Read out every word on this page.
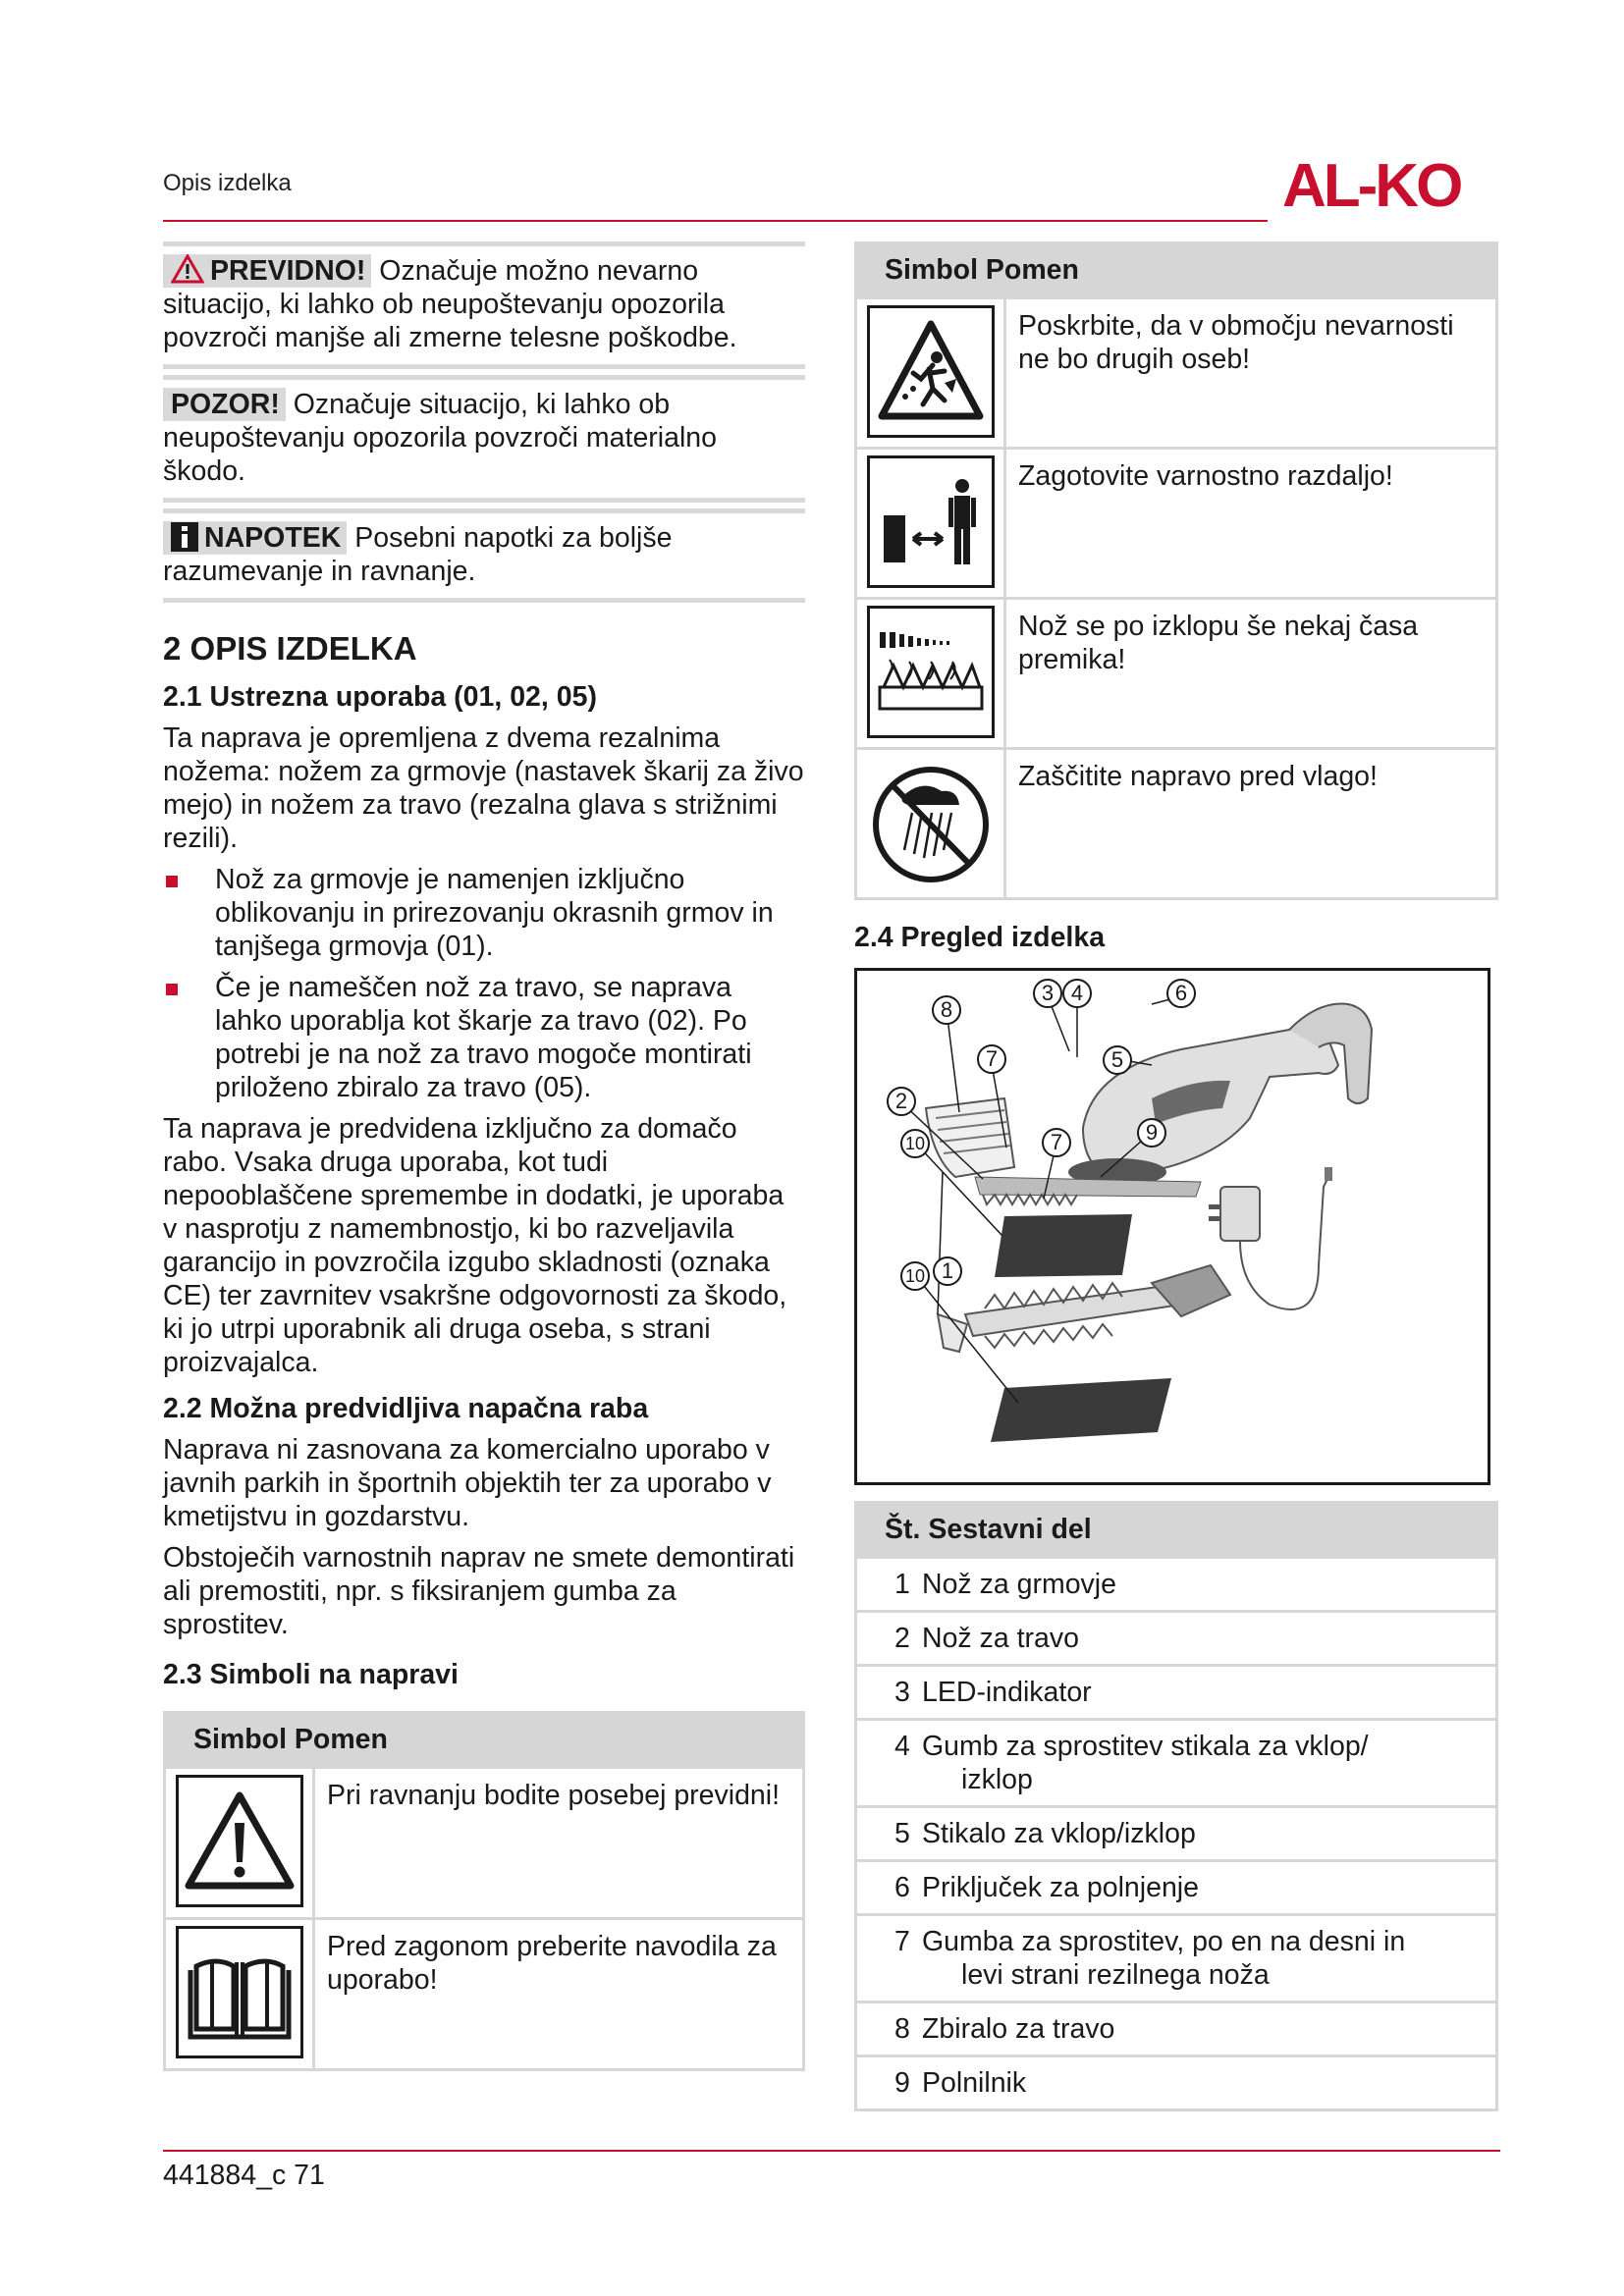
Opis izdelka	AL-KO
PREVIDNO! Označuje možno nevarno situacijo, ki lahko ob neupoštevanju opozorila povzroči manjše ali zmerne telesne poškodbe.
POZOR! Označuje situacijo, ki lahko ob neupoštevanju opozorila povzroči materialno škodo.
NAPOTEK Posebni napotki za boljše razumevanje in ravnanje.
2 OPIS IZDELKA
2.1 Ustrezna uporaba (01, 02, 05)
Ta naprava je opremljena z dvema rezalnima nožema: nožem za grmovje (nastavek škarij za živo mejo) in nožem za travo (rezalna glava s strižnimi rezili).
Nož za grmovje je namenjen izključno oblikovanju in prirezovanju okrasnih grmov in tanjšega grmovja (01).
Če je nameščen nož za travo, se naprava lahko uporablja kot škarje za travo (02). Po potrebi je na nož za travo mogoče montirati priloženo zbiralo za travo (05).
Ta naprava je predvidena izključno za domačo rabo. Vsaka druga uporaba, kot tudi nepooblaščene spremembe in dodatki, je uporaba v nasprotju z namembnostjo, ki bo razveljavila garancijo in povzročila izgubo skladnosti (oznaka CE) ter zavrnitev vsakršne odgovornosti za škodo, ki jo utrpi uporabnik ali druga oseba, s strani proizvajalca.
2.2 Možna predvidljiva napačna raba
Naprava ni zasnovana za komercialno uporabo v javnih parkih in športnih objektih ter za uporabo v kmetijstvu in gozdarstvu.
Obstoječih varnostnih naprav ne smete demontirati ali premostiti, npr. s fiksiranjem gumba za sprostitev.
2.3 Simboli na napravi
Simbol Pomen
Pri ravnanju bodite posebej previdni!
Pred zagonom preberite navodila za uporabo!
Simbol Pomen
Poskrbite, da v območju nevarnosti ne bo drugih oseb!
Zagotovite varnostno razdaljo!
Nož se po izklopu še nekaj časa premika!
Zaščitite napravo pred vlago!
2.4 Pregled izdelka
1
2
3 4
5
6
7
7
8
9
10
10
Št. Sestavni del
1 Nož za grmovje
2 Nož za travo
3 LED-indikator
4 Gumb za sprostitev stikala za vklop/
izklop
5 Stikalo za vklop/izklop
6 Priključek za polnjenje
7 Gumba za sprostitev, po en na desni in
levi strani rezilnega noža
8 Zbiralo za travo
9 Polnilnik
441884_c 71
